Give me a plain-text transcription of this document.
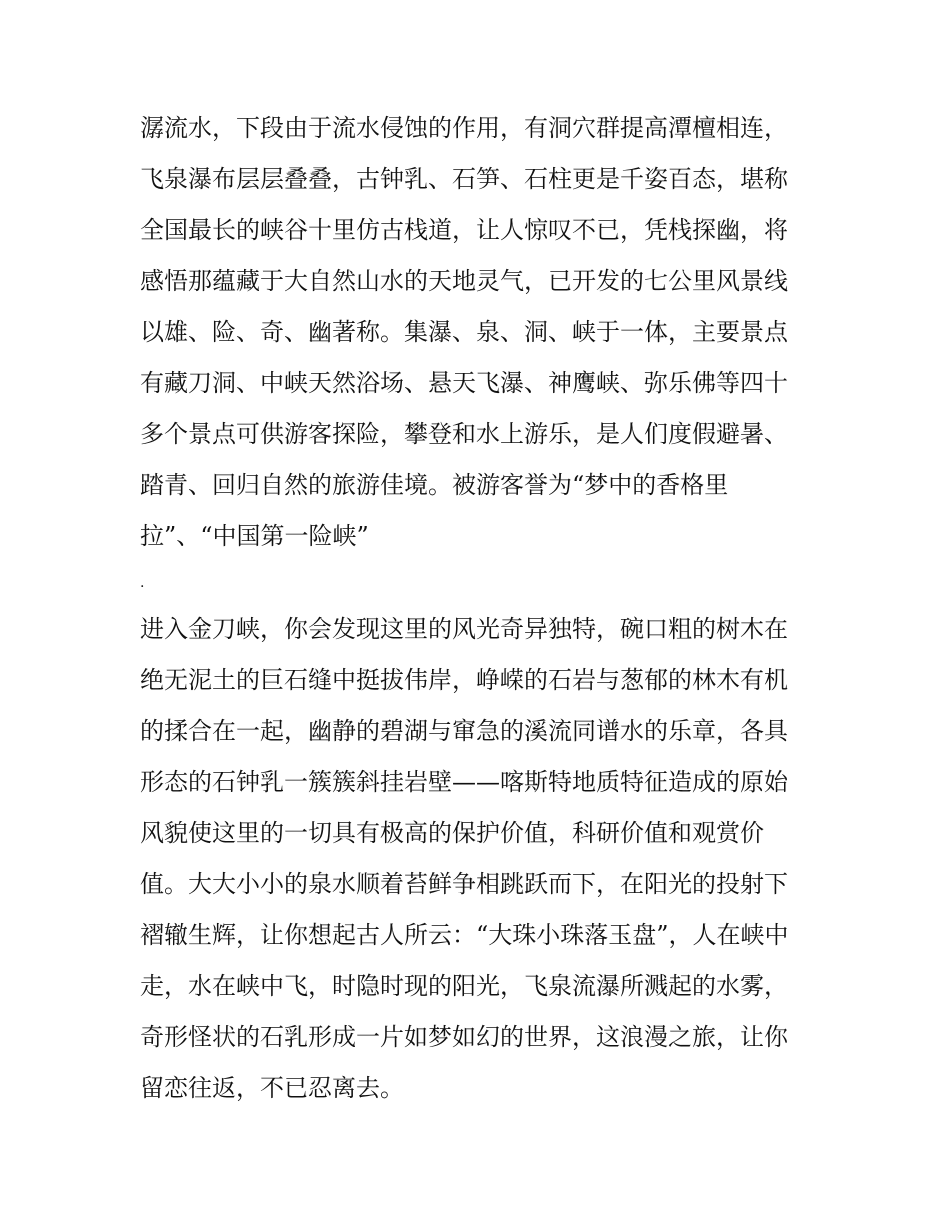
潺流水，下段由于流水侵蚀的作用，有洞穴群提高潭檀相连，
飞泉瀑布层层叠叠，古钟乳、石笋、石柱更是千姿百态，堪称
全国最长的峡谷十里仿古栈道，让人惊叹不已，凭栈探幽，将
感悟那蕴藏于大自然山水的天地灵气，已开发的七公里风景线
以雄、险、奇、幽著称。集瀑、泉、洞、峡于一体，主要景点
有藏刀洞、中峡天然浴场、悬天飞瀑、神鹰峡、弥乐佛等四十
多个景点可供游客探险，攀登和水上游乐，是人们度假避暑、
踏青、回归自然的旅游佳境。被游客誉为“梦中的香格里
拉”、“中国第一险峡”
.
进入金刀峡，你会发现这里的风光奇异独特，碗口粗的树木在
绝无泥土的巨石缝中挺拔伟岸，峥嵘的石岩与葱郁的林木有机
的揉合在一起，幽静的碧湖与窜急的溪流同谱水的乐章，各具
形态的石钟乳一簇簇斜挂岩壁——喀斯特地质特征造成的原始
风貌使这里的一切具有极高的保护价值，科研价值和观赏价
值。大大小小的泉水顺着苔鲜争相跳跃而下，在阳光的投射下
褶辙生辉，让你想起古人所云：“大珠小珠落玉盘”，人在峡中
走，水在峡中飞，时隐时现的阳光，飞泉流瀑所溅起的水雾，
奇形怪状的石乳形成一片如梦如幻的世界，这浪漫之旅，让你
留恋往返，不已忍离去。
